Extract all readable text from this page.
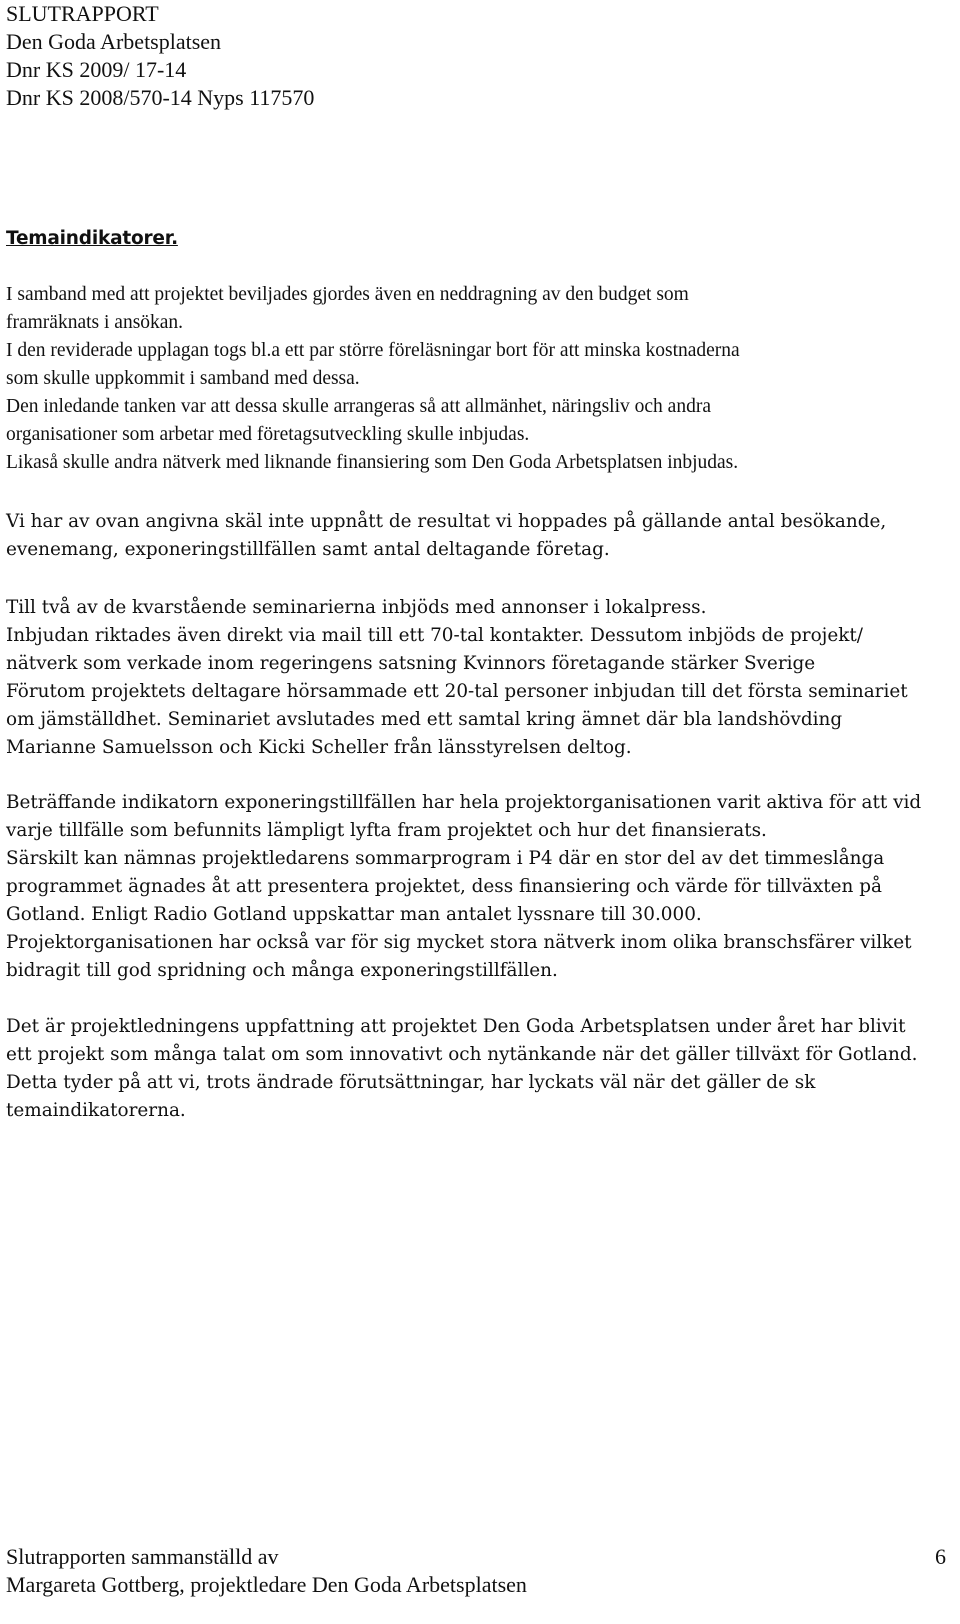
SLUTRAPPORT
Den Goda Arbetsplatsen
Dnr KS 2009/ 17-14
Dnr KS 2008/570-14 Nyps 117570
Temaindikatorer.

I samband med att projektet beviljades gjordes även en neddragning av den budget som

framräknats i ansökan.

I den reviderade upplagan togs bl.a ett par större föreläsningar bort för att minska kostnaderna

som skulle uppkommit i samband med dessa.

Den inledande tanken var att dessa skulle arrangeras så att allmänhet, näringsliv och andra

organisationer som arbetar med företagsutveckling skulle inbjudas.

Likaså skulle andra nätverk med liknande finansiering som Den Goda Arbetsplatsen inbjudas.

Vi har av ovan angivna skäl inte uppnått de resultat vi hoppades på gällande antal besökande,

evenemang, exponeringstillfällen samt antal deltagande företag.

Till två av de kvarstående seminarierna inbjöds med annonser i lokalpress.

Inbjudan riktades även direkt via mail till ett 70-tal kontakter. Dessutom inbjöds de projekt/

nätverk som verkade inom regeringens satsning Kvinnors företagande stärker Sverige

Förutom projektets deltagare hörsammade ett 20-tal personer inbjudan till det första seminariet

om jämställdhet. Seminariet avslutades med ett samtal kring ämnet där bla landshövding

Marianne Samuelsson och Kicki Scheller från länsstyrelsen deltog.

Beträffande indikatorn exponeringstillfällen har hela projektorganisationen varit aktiva för att vid

varje tillfälle som befunnits lämpligt lyfta fram projektet och hur det finansierats.

Särskilt kan nämnas projektledarens sommarprogram i P4 där en stor del av det timmeslånga

programmet ägnades åt att presentera projektet, dess finansiering och värde för tillväxten på

Gotland. Enligt Radio Gotland uppskattar man antalet lyssnare till 30.000.

Projektorganisationen har också var för sig mycket stora nätverk inom olika branschsfärer vilket

bidragit till god spridning och många exponeringstillfällen.

Det är projektledningens uppfattning att projektet Den Goda Arbetsplatsen under året har blivit

ett projekt som många talat om som innovativt och nytänkande när det gäller tillväxt för Gotland.

Detta tyder på att vi, trots ändrade förutsättningar, har lyckats väl när det gäller de sk

temaindikatorerna.

Slutrapporten sammanställd av
Margareta Gottberg, projektledare Den Goda Arbetsplatsen
6
